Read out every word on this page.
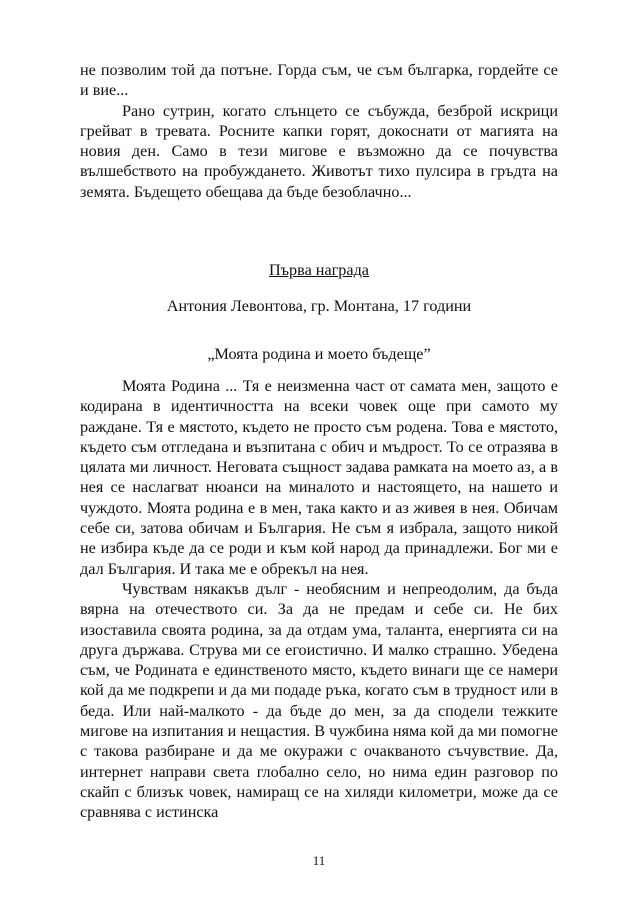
не позволим той да потъне. Горда съм, че съм българка, гордейте се и вие...

Рано сутрин, когато слънцето се събужда, безброй искрици грейват в тревата. Росните капки горят, докоснати от магията на новия ден. Само в тези мигове е възможно да се почувства вълшебството на пробуждането. Животът тихо пулсира в гръдта на земята. Бъдещето обещава да бъде безоблачно...

Първа награда

Антония Левонтова, гр. Монтана, 17 години

„Моята родина и моето бъдеще”

Моята Родина ... Тя е неизменна част от самата мен, защото е кодирана в идентичността на всеки човек още при самото му раждане. Тя е мястото, където не просто съм родена. Това е мястото, където съм отгледана и възпитана с обич и мъдрост. То се отразява в цялата ми личност. Неговата същност задава рамката на моето аз, а в нея се наслагват нюанси на миналото и настоящето, на нашето и чуждото. Моята родина е в мен, така както и аз живея в нея. Обичам себе си, затова обичам и България. Не съм я избрала, защото никой не избира къде да се роди и към кой народ да принадлежи. Бог ми е дал България. И така ме е обрекъл на нея.

Чувствам някакъв дълг - необясним и непреодолим, да бъда вярна на отечеството си. За да не предам и себе си. Не бих изоставила своята родина, за да отдам ума, таланта, енергията си на друга държава. Струва ми се егоистично. И малко страшно. Убедена съм, че Родината е единственото място, където винаги ще се намери кой да ме подкрепи и да ми подаде ръка, когато съм в трудност или в беда. Или най-малкото - да бъде до мен, за да сподели тежките мигове на изпитания и нещастия. В чужбина няма кой да ми помогне с такова разбиране и да ме окуражи с очакваното съчувствие. Да, интернет направи света глобално село, но нима един разговор по скайп с близък човек, намиращ се на хиляди километри, може да се сравнява с истинска

11
